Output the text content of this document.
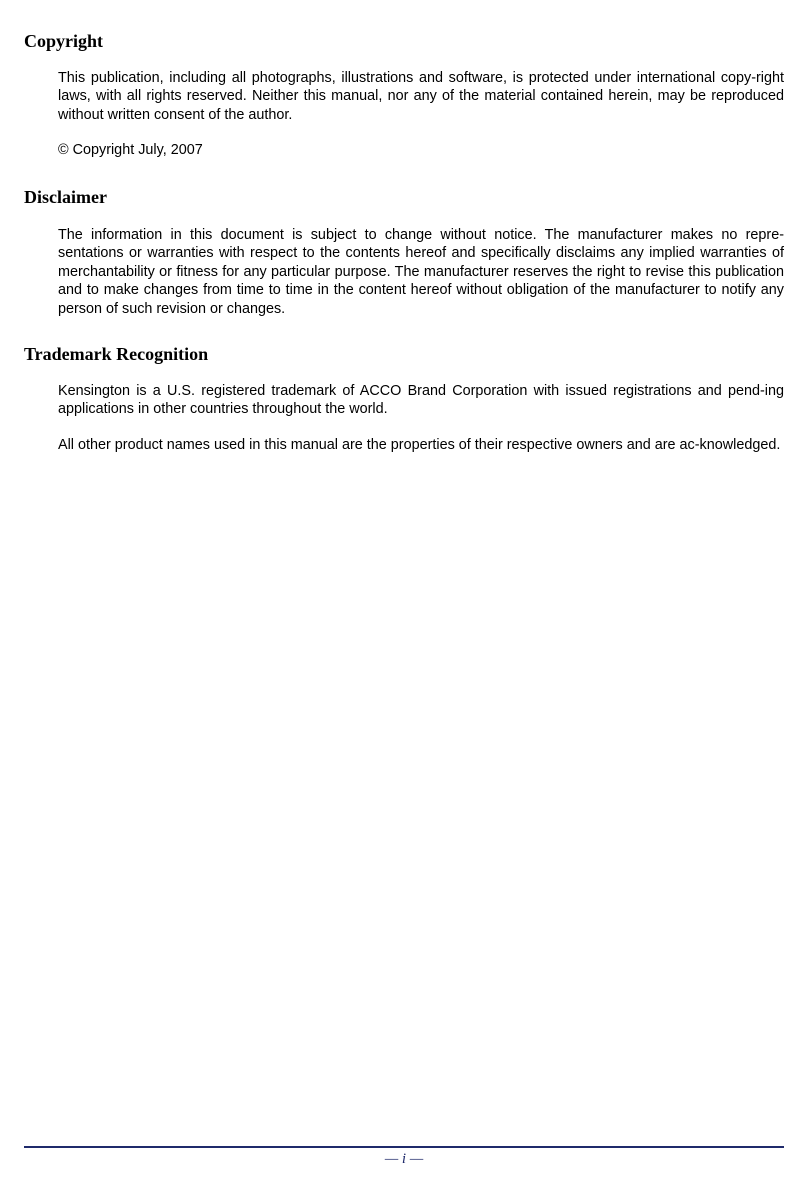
Copyright

This publication, including all photographs, illustrations and software, is protected under international copy-right laws, with all rights reserved. Neither this manual, nor any of the material contained herein, may be reproduced without written consent of the author.

© Copyright July, 2007

Disclaimer

The information in this document is subject to change without notice. The manufacturer makes no repre-sentations or warranties with respect to the contents hereof and specifically disclaims any implied warranties of merchantability or fitness for any particular purpose. The manufacturer reserves the right to revise this publication and to make changes from time to time in the content hereof without obligation of the manufacturer to notify any person of such revision or changes.

Trademark Recognition

Kensington is a U.S. registered trademark of ACCO Brand Corporation with issued registrations and pend-ing applications in other countries throughout the world.

All other product names used in this manual are the properties of their respective owners and are ac-knowledged.

— i —
